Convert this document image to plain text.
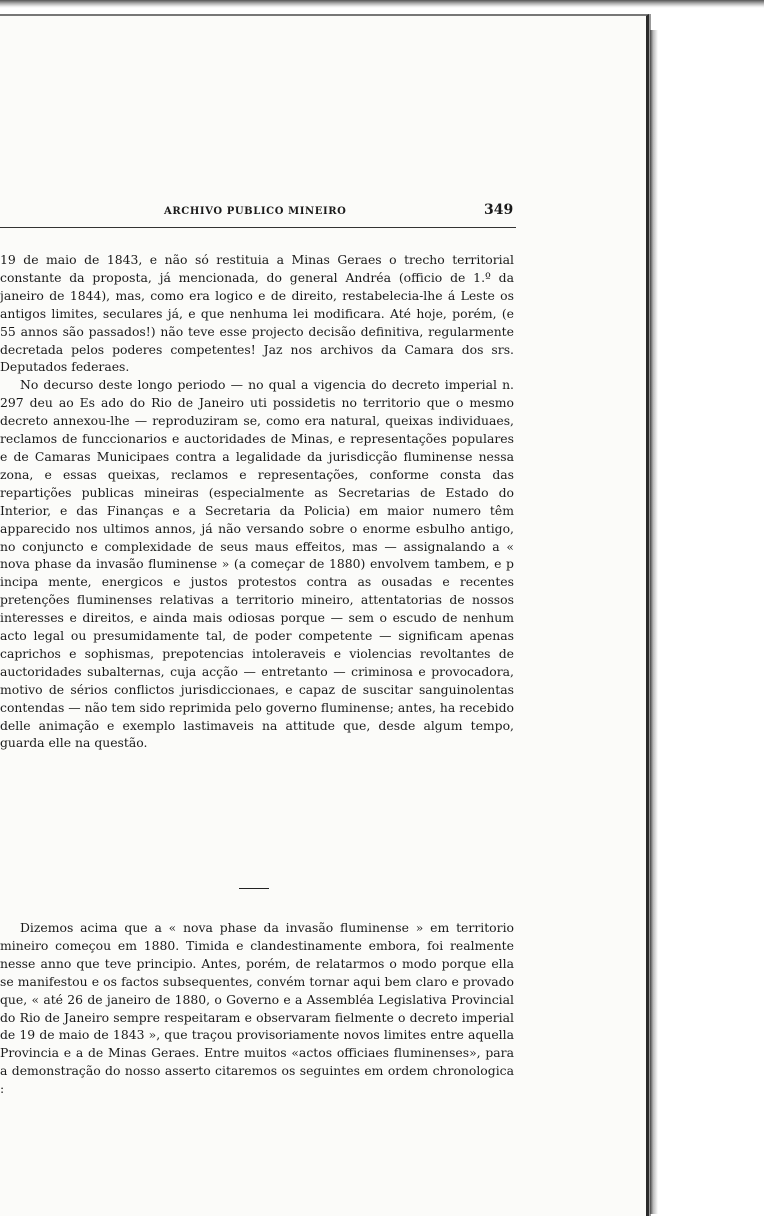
ARCHIVO PUBLICO MINEIRO	349

19 de maio de 1843, e não só restituia a Minas Geraes o trecho territorial constante da proposta, já mencionada, do general Andréa (officio de 1.º da janeiro de 1844), mas, como era logico e de direito, restabelecia-lhe á Leste os antigos limites, seculares já, e que nenhuma lei modificara. Até hoje, porém, (e 55 annos são passados!) não teve esse projecto decisão definitiva, regularmente decretada pelos poderes competentes! Jaz nos archivos da Camara dos srs. Deputados federaes.

No decurso deste longo periodo — no qual a vigencia do decreto imperial n. 297 deu ao Es ado do Rio de Janeiro uti possidetis no territorio que o mesmo decreto annexou-lhe — reproduziram se, como era natural, queixas individuaes, reclamos de funccionarios e auctoridades de Minas, e representações populares e de Camaras Municipaes contra a legalidade da jurisdicção fluminense nessa zona, e essas queixas, reclamos e representações, conforme consta das repartições publicas mineiras (especialmente as Secretarias de Estado do Interior, e das Finanças e a Secretaria da Policia) em maior numero têm apparecido nos ultimos annos, já não versando sobre o enorme esbulho antigo, no conjuncto e complexidade de seus maus effeitos, mas — assignalando a « nova phase da invasão fluminense » (a começar de 1880) envolvem tambem, e p incipa mente, energicos e justos protestos contra as ousadas e recentes pretenções fluminenses relativas a territorio mineiro, attentatorias de nossos interesses e direitos, e ainda mais odiosas porque — sem o escudo de nenhum acto legal ou presumidamente tal, de poder competente — significam apenas caprichos e sophismas, prepotencias intoleraveis e violencias revoltantes de auctoridades subalternas, cuja acção — entretanto — criminosa e provocadora, motivo de sérios conflictos jurisdiccionaes, e capaz de suscitar sanguinolentas contendas — não tem sido reprimida pelo governo fluminense; antes, ha recebido delle animação e exemplo lastimaveis na attitude que, desde algum tempo, guarda elle na questão.

Dizemos acima que a « nova phase da invasão fluminense » em territorio mineiro começou em 1880. Timida e clandestinamente embora, foi realmente nesse anno que teve principio. Antes, porém, de relatarmos o modo porque ella se manifestou e os factos subsequentes, convém tornar aqui bem claro e provado que, « até 26 de janeiro de 1880, o Governo e a Assembléa Legislativa Provincial do Rio de Janeiro sempre respeitaram e observaram fielmente o decreto imperial de 19 de maio de 1843 », que traçou provisoriamente novos limites entre aquella Provincia e a de Minas Geraes. Entre muitos «actos officiaes fluminenses», para a demonstração do nosso asserto citaremos os seguintes em ordem chronologica :
